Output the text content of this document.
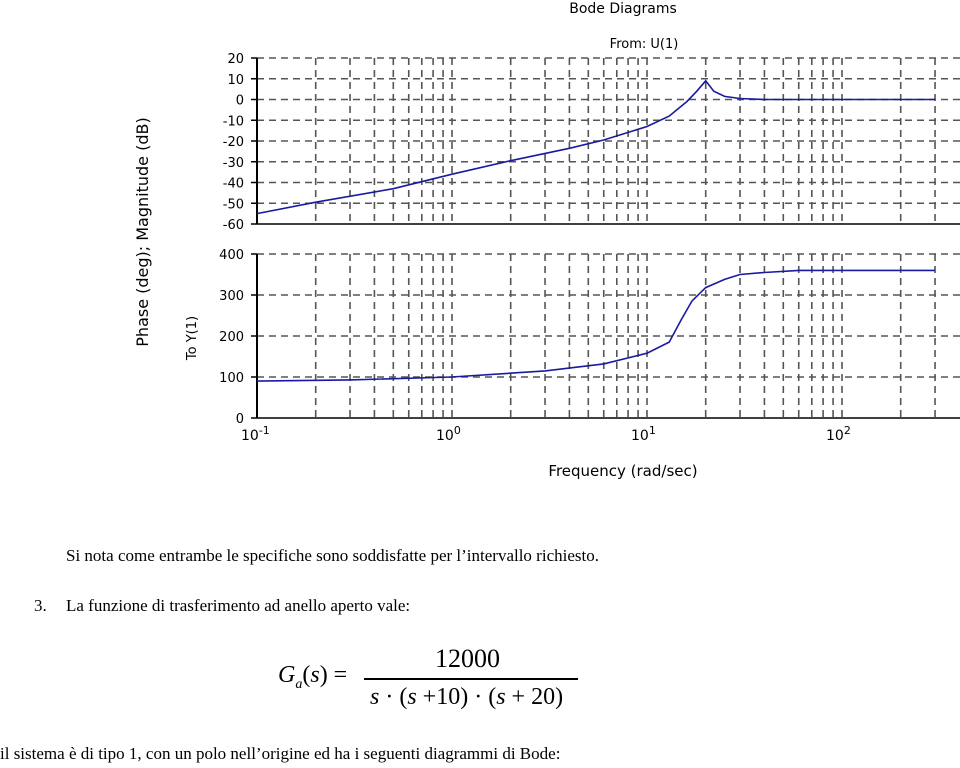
Bode Diagrams
From: U(1)
Phase (deg); Magnitude (dB)	To Y(1)
20
10
0
-10
-20
-30
-40
-50
-60
400
300
200
100
0
$10^{-1}$	$10^0$	$10^1$	$10^2$
Frequency (rad/sec)
Si nota come entrambe le specifiche sono soddisfatte per l’intervallo richiesto.
3. La funzione di trasferimento ad anello aperto vale:
$G_a(s)$ =
12000
s · (s +10) · (s + 20)
il sistema è di tipo 1, con un polo nell’origine ed ha i seguenti diagrammi di Bode:
